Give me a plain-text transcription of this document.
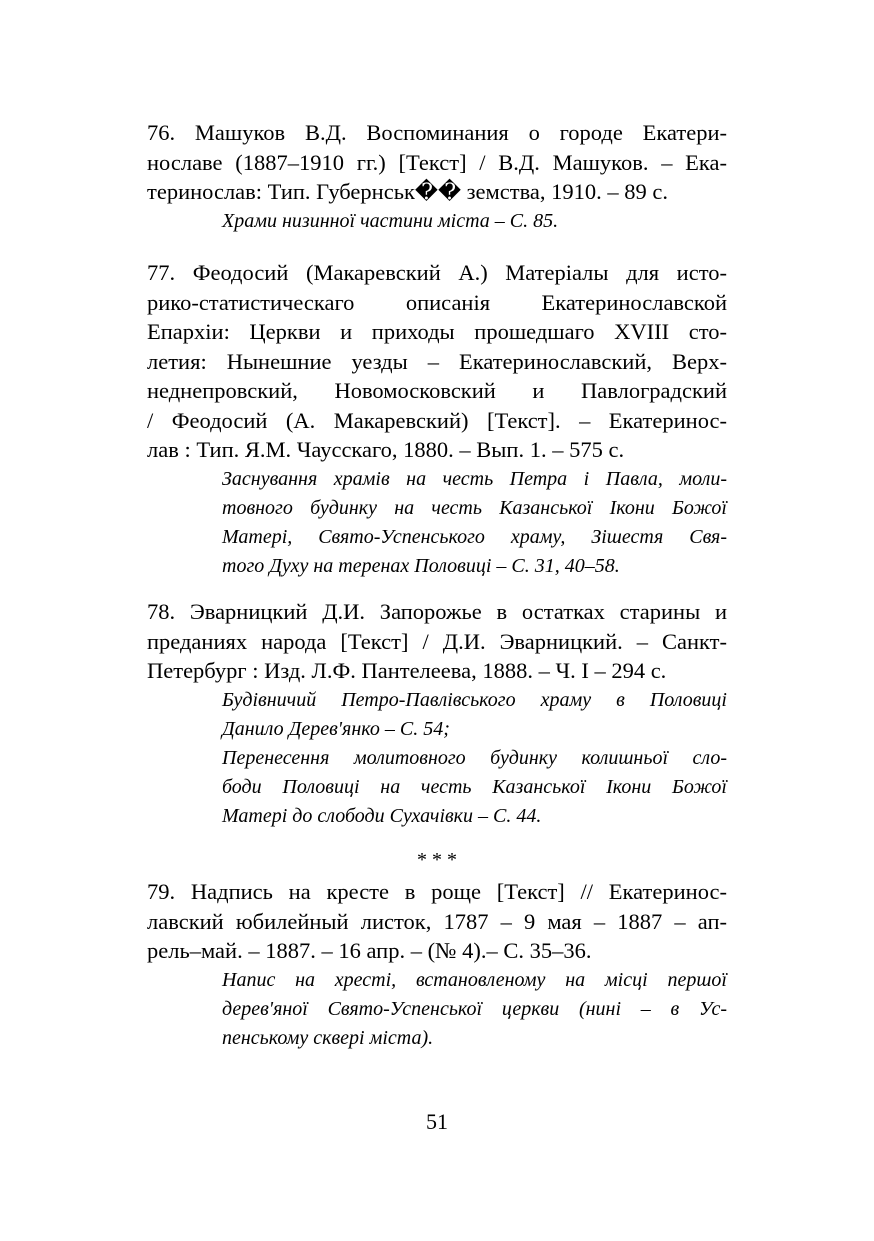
76. Машуков В.Д. Воспоминания о городе Екатери-
нославе (1887–1910 гг.) [Текст] / В.Д. Машуков. – Ека-
теринослав: Тип. Губернськ�� земства, 1910. – 89 с.
Храми низинної частини міста – С. 85.
77. Феодосий (Макаревский А.) Матеріалы для исто-
рико-статистическаго описанія Екатеринославской
Епархіи: Церкви и приходы прошедшаго XVIII сто-
летия: Нынешние уезды – Екатеринославский, Верх-
неднепровский, Новомосковский и Павлоградский
/ Феодосий (А. Макаревский) [Текст]. – Екатеринос-
лав : Тип. Я.М. Чаусскаго, 1880. – Вып. 1. – 575 с.
Заснування храмів на честь Петра і Павла, моли-
товного будинку на честь Казанської Ікони Божої
Матері, Свято-Успенського храму, Зішестя Свя-
того Духу на теренах Половиці – С. 31, 40–58.
78. Эварницкий Д.И. Запорожье в остатках старины и
преданиях народа [Текст] / Д.И. Эварницкий. – Санкт-
Петербург : Изд. Л.Ф. Пантелеева, 1888. – Ч. І – 294 с.
Будівничий Петро-Павлівського храму в Половиці
Данило Дерев'янко – С. 54;
Перенесення молитовного будинку колишньої сло-
боди Половиці на честь Казанської Ікони Божої
Матері до слободи Сухачівки – С. 44.
* * *
79. Надпись на кресте в роще [Текст] // Екатеринос-
лавский юбилейный листок, 1787 – 9 мая – 1887 – ап-
рель–май. – 1887. – 16 апр. – (№ 4).– С. 35–36.
Напис на хресті, встановленому на місці першої
дерев'яної Свято-Успенської церкви (нині – в Ус-
пенському сквері міста).
51
